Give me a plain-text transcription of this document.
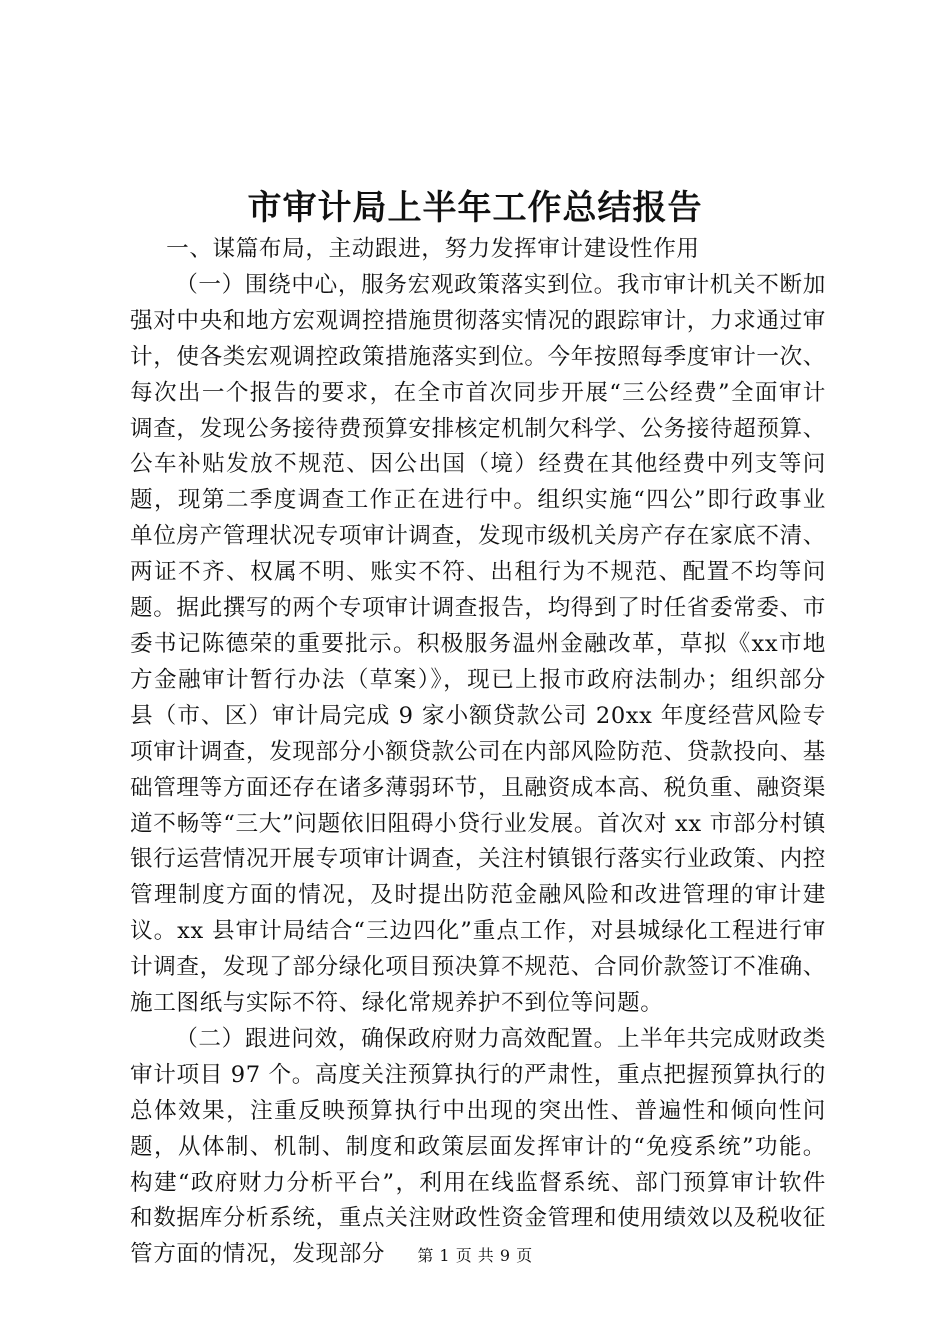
市审计局上半年工作总结报告

一、谋篇布局，主动跟进，努力发挥审计建设性作用

（一）围绕中心，服务宏观政策落实到位。我市审计机关不断加强对中央和地方宏观调控措施贯彻落实情况的跟踪审计，力求通过审计，使各类宏观调控政策措施落实到位。今年按照每季度审计一次、每次出一个报告的要求，在全市首次同步开展“三公经费”全面审计调查，发现公务接待费预算安排核定机制欠科学、公务接待超预算、公车补贴发放不规范、因公出国（境）经费在其他经费中列支等问题，现第二季度调查工作正在进行中。组织实施“四公”即行政事业单位房产管理状况专项审计调查，发现市级机关房产存在家底不清、两证不齐、权属不明、账实不符、出租行为不规范、配置不均等问题。据此撰写的两个专项审计调查报告，均得到了时任省委常委、市委书记陈德荣的重要批示。积极服务温州金融改革，草拟《xx市地方金融审计暂行办法（草案）》，现已上报市政府法制办；组织部分县（市、区）审计局完成 9 家小额贷款公司 20xx 年度经营风险专项审计调查，发现部分小额贷款公司在内部风险防范、贷款投向、基础管理等方面还存在诸多薄弱环节，且融资成本高、税负重、融资渠道不畅等“三大”问题依旧阻碍小贷行业发展。首次对 xx 市部分村镇银行运营情况开展专项审计调查，关注村镇银行落实行业政策、内控管理制度方面的情况，及时提出防范金融风险和改进管理的审计建议。xx 县审计局结合“三边四化”重点工作，对县城绿化工程进行审计调查，发现了部分绿化项目预决算不规范、合同价款签订不准确、施工图纸与实际不符、绿化常规养护不到位等问题。

（二）跟进问效，确保政府财力高效配置。上半年共完成财政类审计项目 97 个。高度关注预算执行的严肃性，重点把握预算执行的总体效果，注重反映预算执行中出现的突出性、普遍性和倾向性问题，从体制、机制、制度和政策层面发挥审计的“免疫系统”功能。构建“政府财力分析平台”，利用在线监督系统、部门预算审计软件和数据库分析系统，重点关注财政性资金管理和使用绩效以及税收征管方面的情况，发现部分	第 1 页 共 9 页
